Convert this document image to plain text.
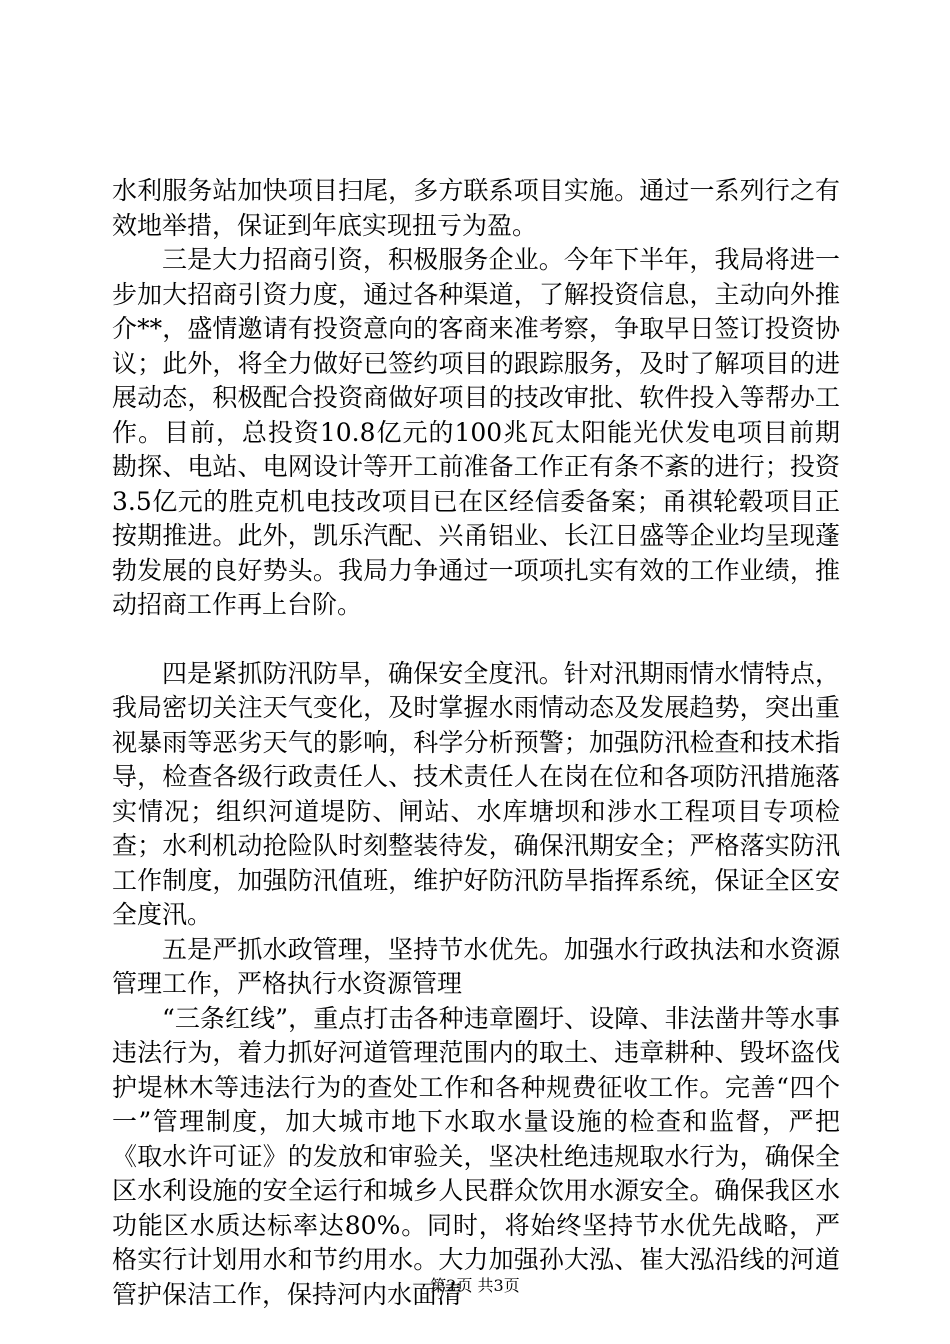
水利服务站加快项目扫尾，多方联系项目实施。通过一系列行之有效地举措，保证到年底实现扭亏为盈。

三是大力招商引资，积极服务企业。今年下半年，我局将进一步加大招商引资力度，通过各种渠道，了解投资信息，主动向外推介**，盛情邀请有投资意向的客商来准考察，争取早日签订投资协议；此外，将全力做好已签约项目的跟踪服务，及时了解项目的进展动态，积极配合投资商做好项目的技改审批、软件投入等帮办工作。目前，总投资10.8亿元的100兆瓦太阳能光伏发电项目前期勘探、电站、电网设计等开工前准备工作正有条不紊的进行；投资3.5亿元的胜克机电技改项目已在区经信委备案；甬祺轮毂项目正按期推进。此外，凯乐汽配、兴甬铝业、长江日盛等企业均呈现蓬勃发展的良好势头。我局力争通过一项项扎实有效的工作业绩，推动招商工作再上台阶。

四是紧抓防汛防旱，确保安全度汛。针对汛期雨情水情特点，我局密切关注天气变化，及时掌握水雨情动态及发展趋势，突出重视暴雨等恶劣天气的影响，科学分析预警；加强防汛检查和技术指导，检查各级行政责任人、技术责任人在岗在位和各项防汛措施落实情况；组织河道堤防、闸站、水库塘坝和涉水工程项目专项检查；水利机动抢险队时刻整装待发，确保汛期安全；严格落实防汛工作制度，加强防汛值班，维护好防汛防旱指挥系统，保证全区安全度汛。

五是严抓水政管理，坚持节水优先。加强水行政执法和水资源管理工作，严格执行水资源管理

“三条红线”，重点打击各种违章圈圩、设障、非法凿井等水事违法行为，着力抓好河道管理范围内的取土、违章耕种、毁坏盗伐护堤林木等违法行为的查处工作和各种规费征收工作。完善“四个一”管理制度，加大城市地下水取水量设施的检查和监督，严把《取水许可证》的发放和审验关，坚决杜绝违规取水行为，确保全区水利设施的安全运行和城乡人民群众饮用水源安全。确保我区水功能区水质达标率达80%。同时，将始终坚持节水优先战略，严格实行计划用水和节约用水。大力加强孙大泓、崔大泓沿线的河道管护保洁工作，保持河内水面清

第2页 共3页
